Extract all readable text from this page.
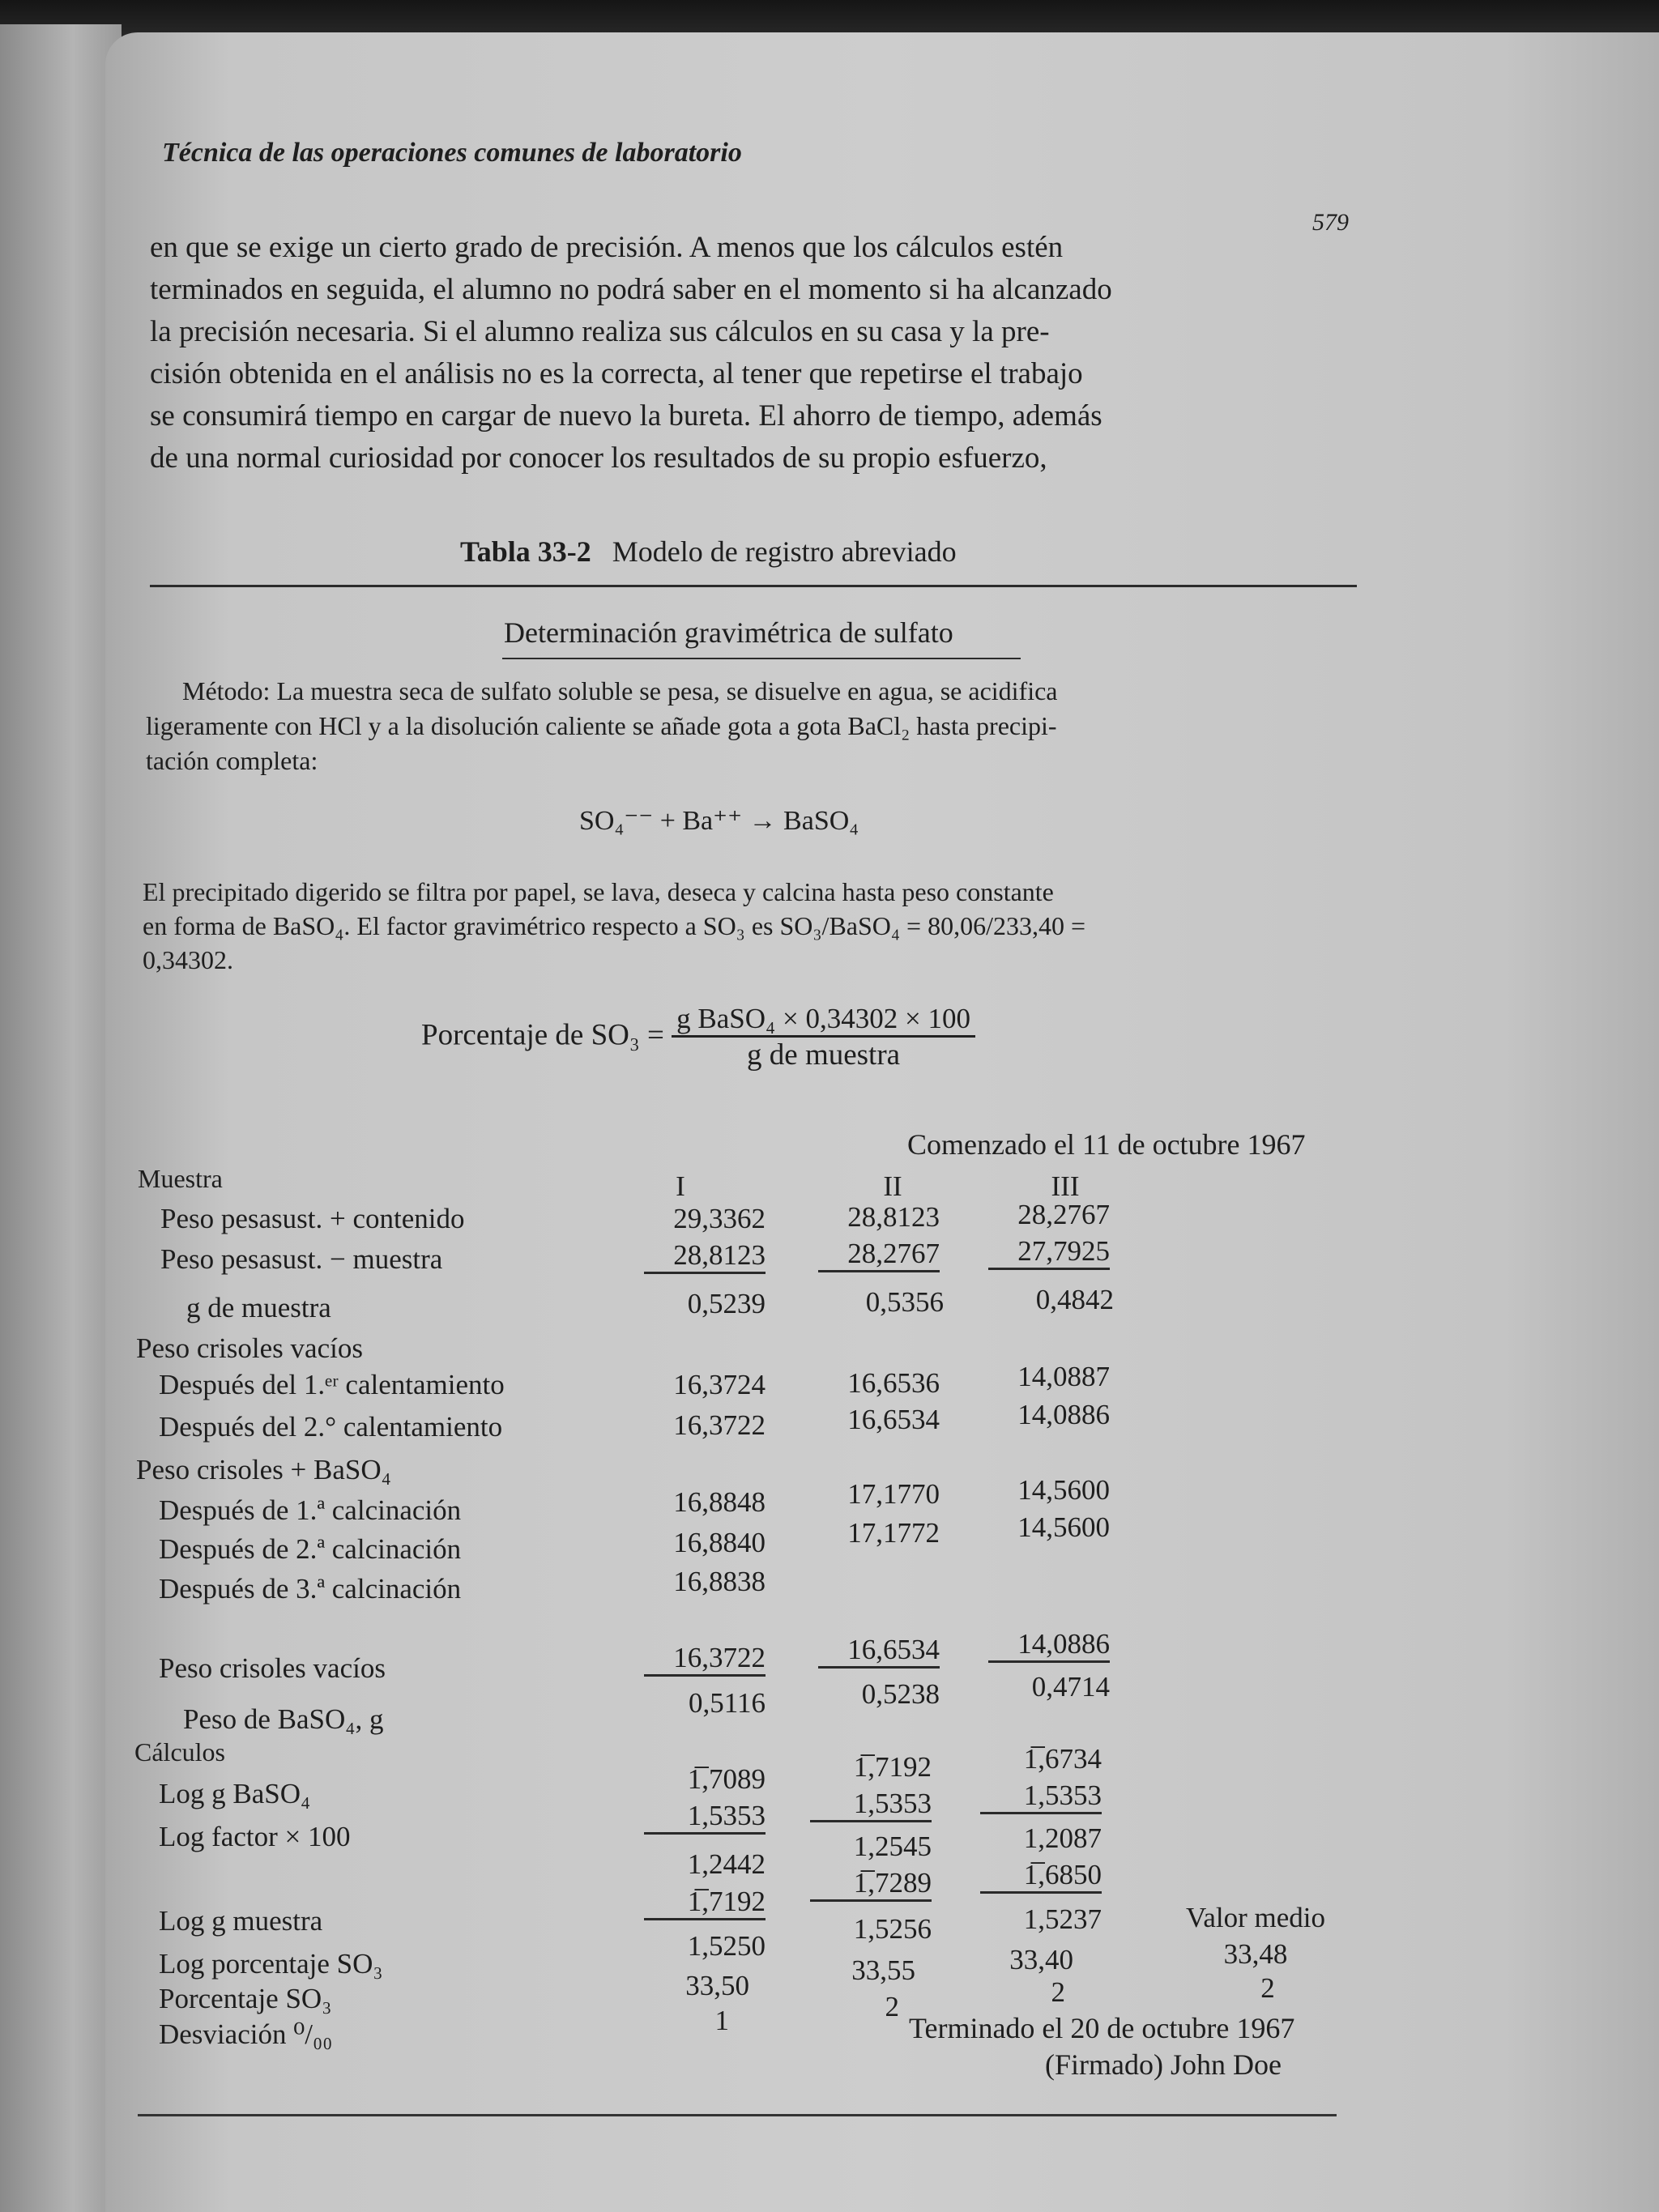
Técnica de las operaciones comunes de laboratorio
579

en que se exige un cierto grado de precisión. A menos que los cálculos estén

terminados en seguida, el alumno no podrá saber en el momento si ha alcanzado

la precisión necesaria. Si el alumno realiza sus cálculos en su casa y la pre-

cisión obtenida en el análisis no es la correcta, al tener que repetirse el trabajo

se consumirá tiempo en cargar de nuevo la bureta. El ahorro de tiempo, además

de una normal curiosidad por conocer los resultados de su propio esfuerzo,

Tabla 33-2 Modelo de registro abreviado
Determinación gravimétrica de sulfato

Método: La muestra seca de sulfato soluble se pesa, se disuelve en agua, se acidifica

ligeramente con HCl y a la disolución caliente se añade gota a gota BaCl₂ hasta precipi-

tación completa:

SO₄⁻⁻ + Ba⁺⁺ → BaSO₄

El precipitado digerido se filtra por papel, se lava, deseca y calcina hasta peso constante

en forma de BaSO₄. El factor gravimétrico respecto a SO₃ es SO₃/BaSO₄ = 80,06/233,40 =

0,34302.

Porcentaje de $SO_3 = \frac{\text{g BaSO₄ × 0,34302 × 100}}{\text{g de muestra}}$
Comenzado el 11 de octubre 1967
Muestra
Peso pesasust. + contenido
Peso pesasust. − muestra
g de muestra
Peso crisoles vacíos
Después del 1.ᵉʳ calentamiento
Después del 2.° calentamiento
Peso crisoles + BaSO₄
Después de 1.ª calcinación
Después de 2.ª calcinación
Después de 3.ª calcinación
Peso crisoles vacíos
Peso de BaSO₄, g
Cálculos
Log g BaSO₄
Log factor × 100
Log g muestra
Log porcentaje SO₃
Porcentaje SO₃
Desviación ⁰/₀₀
I	II	III
29,3362
28,8123
0,5239
16,3724
16,3722
16,8848
16,8840
16,8838
16,3722
0,5116
1̅,7089
1,5353
1,2442
1̅,7192
1,5250
33,50
1
28,8123
28,2767
0,5356
16,6536
16,6534
17,1770
17,1772
16,6534
0,5238
1̅,7192
1,5353
1,2545
1̅,7289
1,5256
33,55
2
28,2767
27,7925
0,4842
14,0887
14,0886
14,5600
14,5600
14,0886
0,4714
1̅,6734
1,5353
1,2087
1̅,6850
1,5237
33,40
2
Valor medio
33,48
2
Terminado el 20 de octubre 1967
(Firmado) John Doe
